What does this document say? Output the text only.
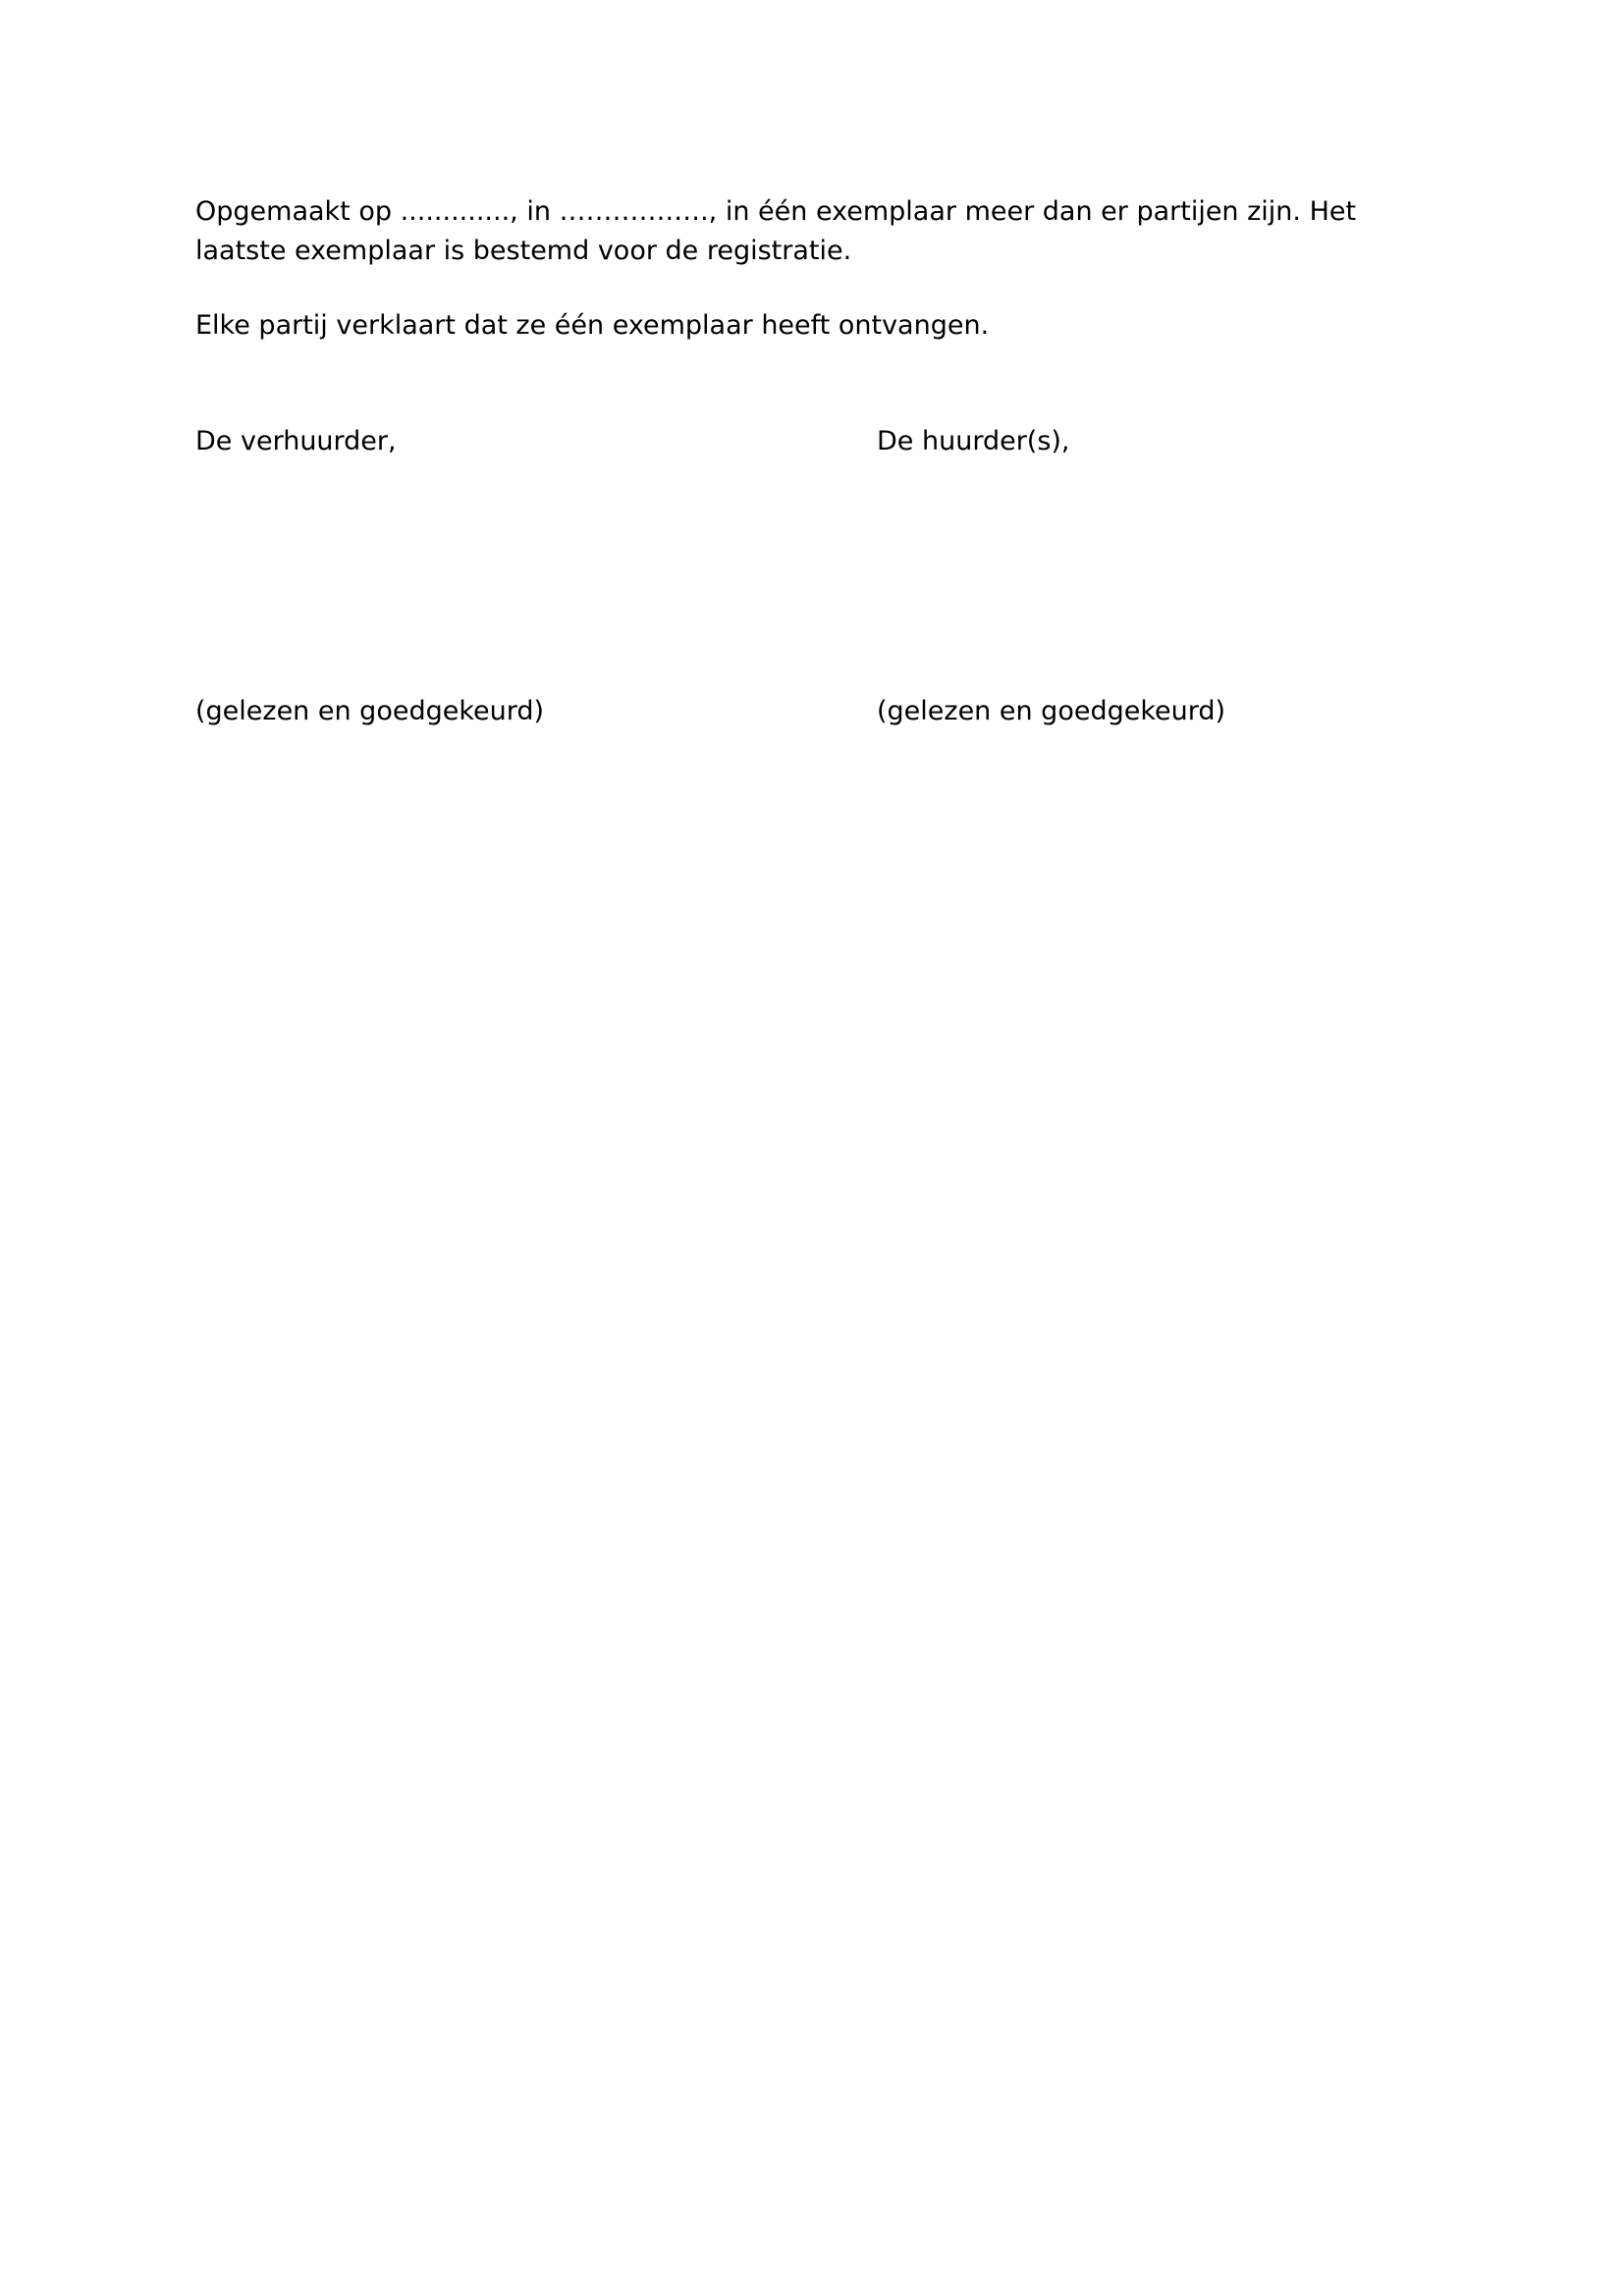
Opgemaakt op ............., in ………….…., in één exemplaar meer dan er partijen zijn. Het laatste exemplaar is bestemd voor de registratie.

Elke partij verklaart dat ze één exemplaar heeft ontvangen.

De verhuurder,	De huurder(s),
(gelezen en goedgekeurd)	(gelezen en goedgekeurd)
